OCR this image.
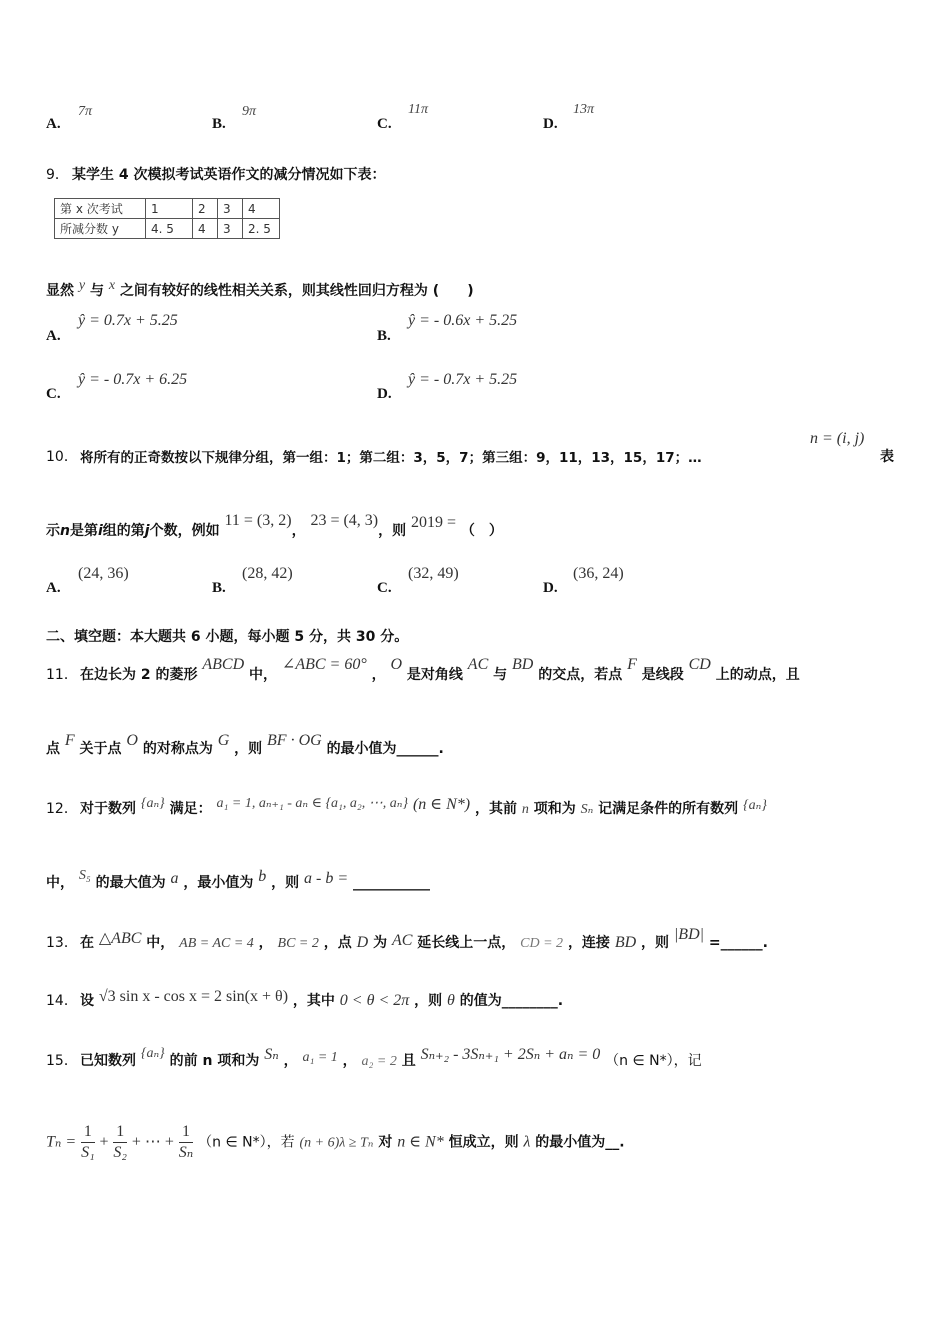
A.
7π
B.
9π
C.
11π
D.
13π
9． 某学生 4 次模拟考试英语作文的减分情况如下表：
第 x 次考试	1	2	3	4
所减分数 y	4. 5	4	3	2. 5
显然 y 与 x 之间有较好的线性相关关系，则其线性回归方程为 (　　)
A.
ŷ = 0.7x + 5.25
B.
ŷ = - 0.6x + 5.25
C.
ŷ = - 0.7x + 6.25
D.
ŷ = - 0.7x + 5.25
10． 将所有的正奇数按以下规律分组，第一组：1；第二组：3，5，7；第三组：9，11，13，15，17；…
n = (i, j)
表
示n是第i组的第j个数，例如 11 = (3, 2)， 23 = (4, 3)，则 2019 = （　）
A.
(24, 36)
B.
(28, 42)
C.
(32, 49)
D.
(36, 24)
二、填空题：本大题共 6 小题，每小题 5 分，共 30 分。
11． 在边长为 2 的菱形 ABCD 中， ∠ABC = 60° ， O 是对角线 AC 与 BD 的交点，若点 F 是线段 CD 上的动点，且
点 F 关于点 O 的对称点为 G ，则 BF · OG 的最小值为______.
12． 对于数列 {aₙ} 满足： a₁ = 1, aₙ₊₁ - aₙ ∈ {a₁, a₂, ⋯, aₙ} (n ∈ N*) ，其前 n 项和为 Sₙ 记满足条件的所有数列 {aₙ}
中， S₅ 的最大值为 a ，最小值为 b ，则 a - b = ___________
13． 在 △ABC 中， AB = AC = 4 ， BC = 2 ，点 D 为 AC 延长线上一点， CD = 2 ，连接 BD ，则 |BD| =______.
14． 设 √3 sin x - cos x = 2 sin(x + θ) ，其中 0 < θ < 2π ，则 θ 的值为________.
15． 已知数列 {aₙ} 的前 n 项和为 Sₙ ， a₁ = 1 ， a₂ = 2 且 Sₙ₊₂ - 3Sₙ₊₁ + 2Sₙ + aₙ = 0 （n ∈ N*），记
$T_n = \frac{1}{\text{S₁}} + \frac{1}{\text{S₂}}$ + ⋯ + $\frac{1}{\text{Sₙ}} (n$ ∈ N*），若 (n + 6)λ ≥ Tₙ 对 n ∈ N* 恒成立，则 λ 的最小值为__.
